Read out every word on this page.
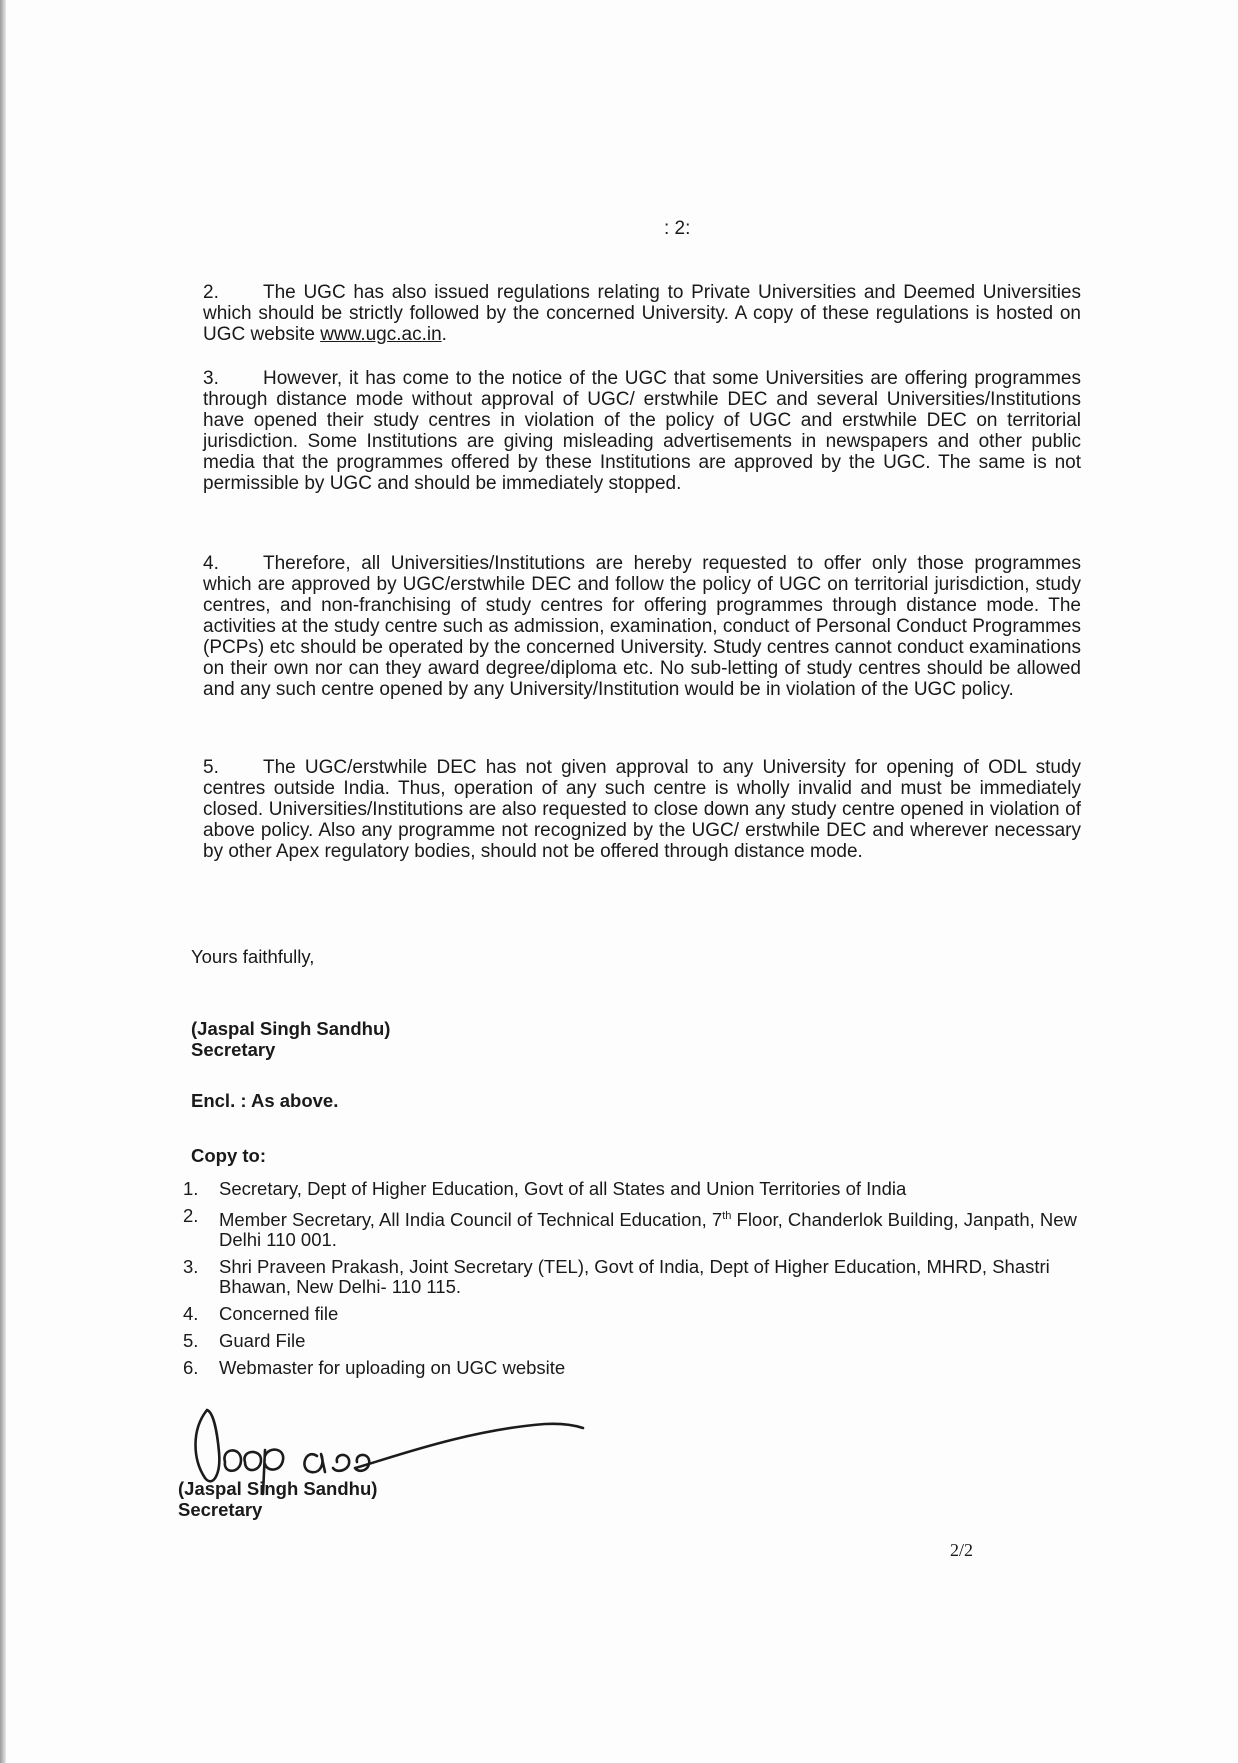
: 2:

2. The UGC has also issued regulations relating to Private Universities and Deemed Universities which should be strictly followed by the concerned University. A copy of these regulations is hosted on UGC website www.ugc.ac.in.

3. However, it has come to the notice of the UGC that some Universities are offering programmes through distance mode without approval of UGC/ erstwhile DEC and several Universities/Institutions have opened their study centres in violation of the policy of UGC and erstwhile DEC on territorial jurisdiction. Some Institutions are giving misleading advertisements in newspapers and other public media that the programmes offered by these Institutions are approved by the UGC. The same is not permissible by UGC and should be immediately stopped.

4. Therefore, all Universities/Institutions are hereby requested to offer only those programmes which are approved by UGC/erstwhile DEC and follow the policy of UGC on territorial jurisdiction, study centres, and non-franchising of study centres for offering programmes through distance mode. The activities at the study centre such as admission, examination, conduct of Personal Conduct Programmes (PCPs) etc should be operated by the concerned University. Study centres cannot conduct examinations on their own nor can they award degree/diploma etc. No sub-letting of study centres should be allowed and any such centre opened by any University/Institution would be in violation of the UGC policy.

5. The UGC/erstwhile DEC has not given approval to any University for opening of ODL study centres outside India. Thus, operation of any such centre is wholly invalid and must be immediately closed. Universities/Institutions are also requested to close down any study centre opened in violation of above policy. Also any programme not recognized by the UGC/ erstwhile DEC and wherever necessary by other Apex regulatory bodies, should not be offered through distance mode.

Yours faithfully,
(Jaspal Singh Sandhu)
Secretary
Encl. : As above.
Copy to:
1.	Secretary, Dept of Higher Education, Govt of all States and Union Territories of India
2.	Member Secretary, All India Council of Technical Education, 7th Floor, Chanderlok Building, Janpath, New Delhi 110 001.
3.	Shri Praveen Prakash, Joint Secretary (TEL), Govt of India, Dept of Higher Education, MHRD, Shastri Bhawan, New Delhi- 110 115.
4.	Concerned file
5.	Guard File
6.	Webmaster for uploading on UGC website
(Jaspal Singh Sandhu)
Secretary
2/2
